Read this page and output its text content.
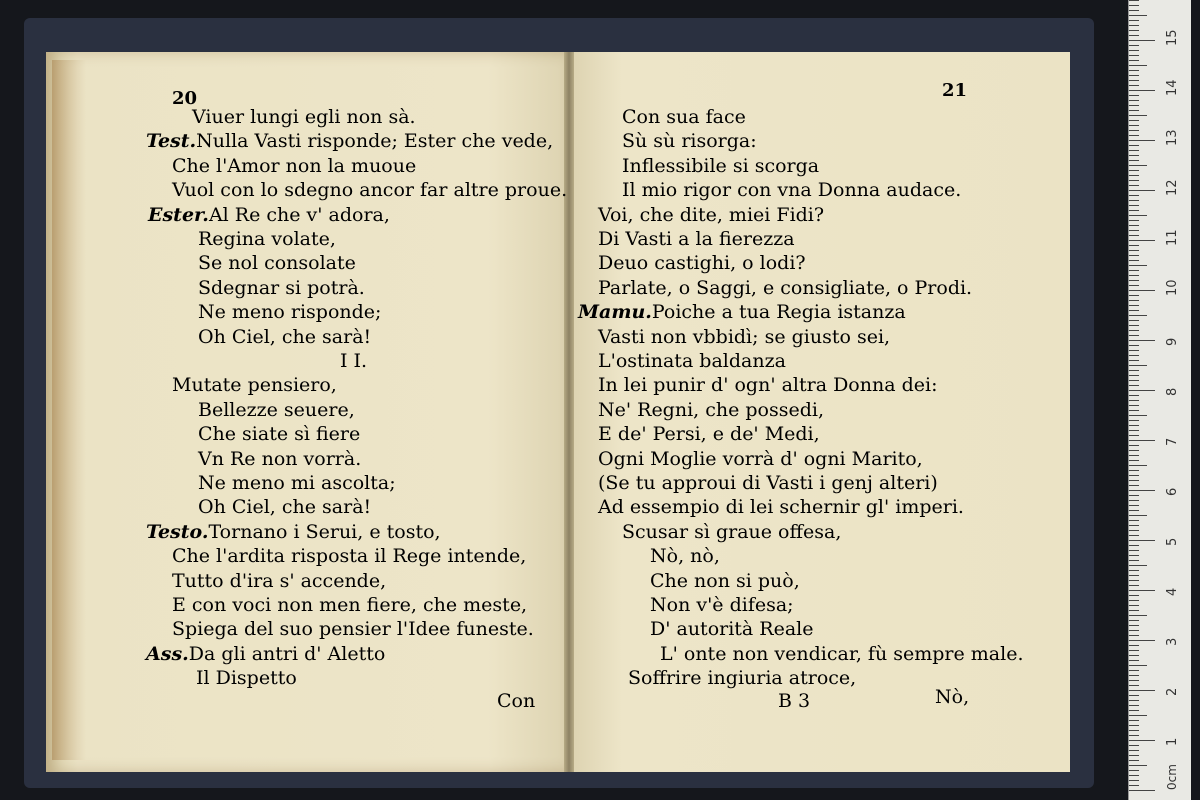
20	21
Viuer lungi egli non sà.
Test.Nulla Vasti risponde; Ester che vede,
Che l'Amor non la muoue
Vuol con lo sdegno ancor far altre proue.
Ester.Al Re che v' adora,
Regina volate,
Se nol consolate
Sdegnar si potrà.
Ne meno risponde;
Oh Ciel, che sarà!
I I.
Mutate pensiero,
Bellezze seuere,
Che siate sì fiere
Vn Re non vorrà.
Ne meno mi ascolta;
Oh Ciel, che sarà!
Testo.Tornano i Serui, e tosto,
Che l'ardita risposta il Rege intende,
Tutto d'ira s' accende,
E con voci non men fiere, che meste,
Spiega del suo pensier l'Idee funeste.
Ass.Da gli antri d' Aletto
Il Dispetto
Con sua face
Sù sù risorga:
Inflessibile si scorga
Il mio rigor con vna Donna audace.
Voi, che dite, miei Fidi?
Di Vasti a la fierezza
Deuo castighi, o lodi?
Parlate, o Saggi, e consigliate, o Prodi.
Mamu.Poiche a tua Regia istanza
Vasti non vbbidì; se giusto sei,
L'ostinata baldanza
In lei punir d' ogn' altra Donna dei:
Ne' Regni, che possedi,
E de' Persi, e de' Medi,
Ogni Moglie vorrà d' ogni Marito,
(Se tu approui di Vasti i genj alteri)
Ad essempio di lei schernir gl' imperi.
Scusar sì graue offesa,
Nò, nò,
Che non si può,
Non v'è difesa;
D' autorità Reale
L' onte non vendicar, fù sempre male.
Soffrire ingiuria atroce,
Con	B 3	Nò,
0cm
1
2
3
4
5
6
7
8
9
10
11
12
13
14
15
